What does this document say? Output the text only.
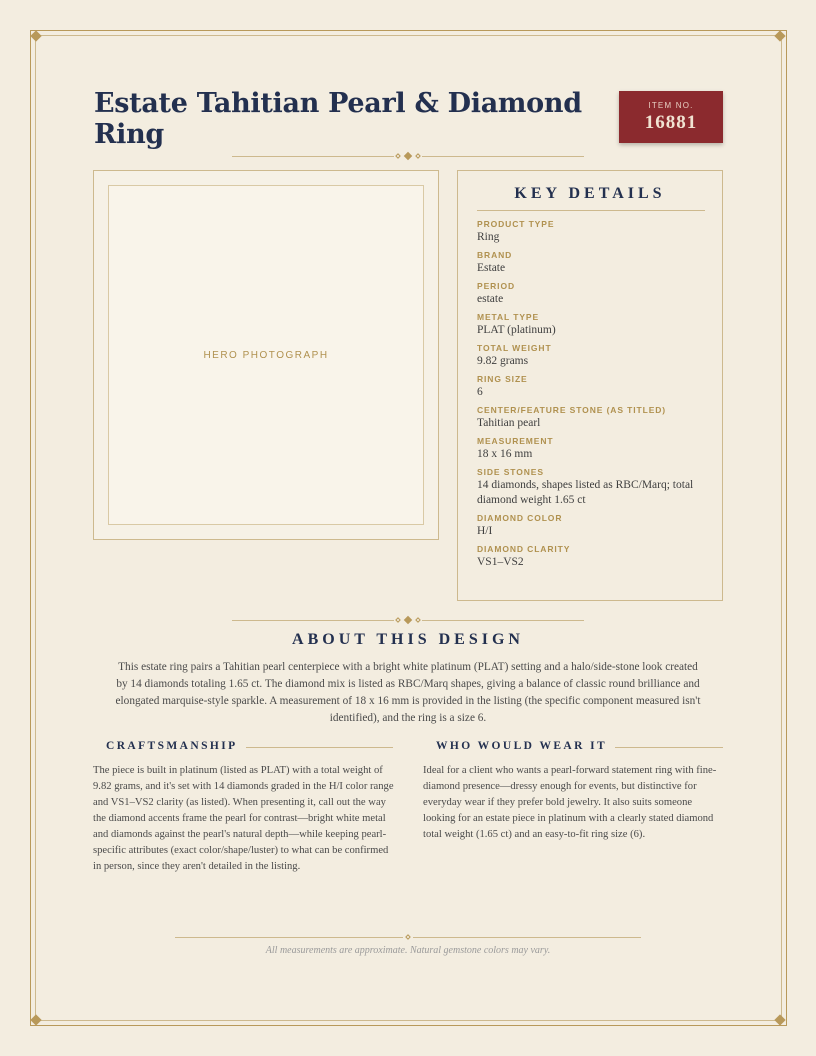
Estate Tahitian Pearl & Diamond Ring
ITEM NO.
16881
HERO PHOTOGRAPH
KEY DETAILS
PRODUCT TYPE
Ring
BRAND
Estate
PERIOD
estate
METAL TYPE
PLAT (platinum)
TOTAL WEIGHT
9.82 grams
RING SIZE
6
CENTER/FEATURE STONE (AS TITLED)
Tahitian pearl
MEASUREMENT
18 x 16 mm
SIDE STONES
14 diamonds, shapes listed as RBC/Marq; total diamond weight 1.65 ct
DIAMOND COLOR
H/I
DIAMOND CLARITY
VS1–VS2
ABOUT THIS DESIGN

This estate ring pairs a Tahitian pearl centerpiece with a bright white platinum (PLAT) setting and a halo/side-stone look created by 14 diamonds totaling 1.65 ct. The diamond mix is listed as RBC/Marq shapes, giving a balance of classic round brilliance and elongated marquise-style sparkle. A measurement of 18 x 16 mm is provided in the listing (the specific component measured isn't identified), and the ring is a size 6.

CRAFTSMANSHIP

The piece is built in platinum (listed as PLAT) with a total weight of 9.82 grams, and it's set with 14 diamonds graded in the H/I color range and VS1–VS2 clarity (as listed). When presenting it, call out the way the diamond accents frame the pearl for contrast—bright white metal and diamonds against the pearl's natural depth—while keeping pearl-specific attributes (exact color/shape/luster) to what can be confirmed in person, since they aren't detailed in the listing.

WHO WOULD WEAR IT

Ideal for a client who wants a pearl-forward statement ring with fine-diamond presence—dressy enough for events, but distinctive for everyday wear if they prefer bold jewelry. It also suits someone looking for an estate piece in platinum with a clearly stated diamond total weight (1.65 ct) and an easy-to-fit ring size (6).

All measurements are approximate. Natural gemstone colors may vary.
